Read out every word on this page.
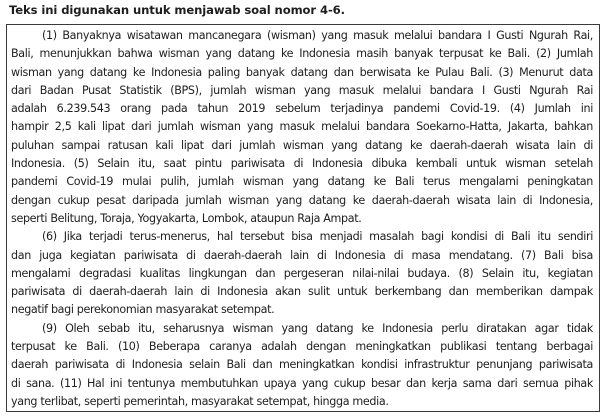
Teks ini digunakan untuk menjawab soal nomor 4-6.
(1) Banyaknya wisatawan mancanegara (wisman) yang masuk melalui bandara I Gusti Ngurah Rai,
Bali, menunjukkan bahwa wisman yang datang ke Indonesia masih banyak terpusat ke Bali. (2) Jumlah
wisman yang datang ke Indonesia paling banyak datang dan berwisata ke Pulau Bali. (3) Menurut data
dari Badan Pusat Statistik (BPS), jumlah wisman yang masuk melalui bandara I Gusti Ngurah Rai
adalah 6.239.543 orang pada tahun 2019 sebelum terjadinya pandemi Covid-19. (4) Jumlah ini
hampir 2,5 kali lipat dari jumlah wisman yang masuk melalui bandara Soekarno-Hatta, Jakarta, bahkan
puluhan sampai ratusan kali lipat dari jumlah wisman yang datang ke daerah-daerah wisata lain di
Indonesia. (5) Selain itu, saat pintu pariwisata di Indonesia dibuka kembali untuk wisman setelah
pandemi Covid-19 mulai pulih, jumlah wisman yang datang ke Bali terus mengalami peningkatan
dengan cukup pesat daripada jumlah wisman yang datang ke daerah-daerah wisata lain di Indonesia,
seperti Belitung, Toraja, Yogyakarta, Lombok, ataupun Raja Ampat.
(6) Jika terjadi terus-menerus, hal tersebut bisa menjadi masalah bagi kondisi di Bali itu sendiri
dan juga kegiatan pariwisata di daerah-daerah lain di Indonesia di masa mendatang. (7) Bali bisa
mengalami degradasi kualitas lingkungan dan pergeseran nilai-nilai budaya. (8) Selain itu, kegiatan
pariwisata di daerah-daerah lain di Indonesia akan sulit untuk berkembang dan memberikan dampak
negatif bagi perekonomian masyarakat setempat.
(9) Oleh sebab itu, seharusnya wisman yang datang ke Indonesia perlu diratakan agar tidak
terpusat ke Bali. (10) Beberapa caranya adalah dengan meningkatkan publikasi tentang berbagai
daerah pariwisata di Indonesia selain Bali dan meningkatkan kondisi infrastruktur penunjang pariwisata
di sana. (11) Hal ini tentunya membutuhkan upaya yang cukup besar dan kerja sama dari semua pihak
yang terlibat, seperti pemerintah, masyarakat setempat, hingga media.
